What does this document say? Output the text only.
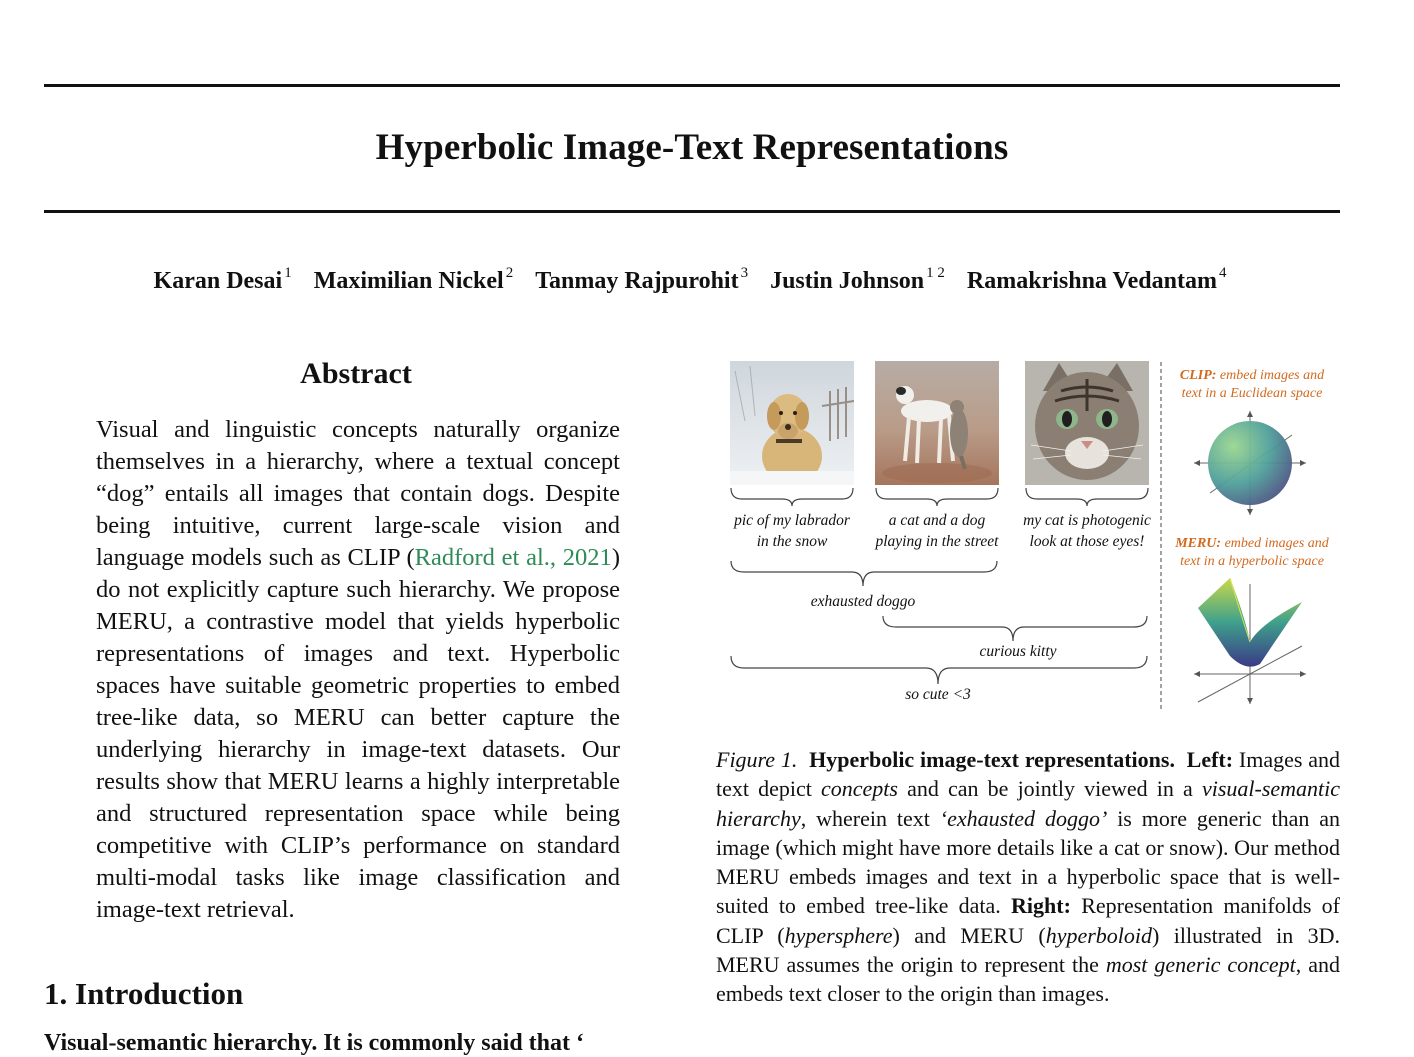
Hyperbolic Image-Text Representations
Karan Desai $^1$ Maximilian Nickel $^2$ Tanmay Rajpurohit $^3$ Justin Johnson $^{1 2}$ Ramakrishna Vedantam $^4$
Abstract
Visual and linguistic concepts naturally organize themselves in a hierarchy, where a textual concept “dog” entails all images that contain dogs. Despite being intuitive, current large-scale vision and language models such as CLIP (Radford et al., 2021) do not explicitly capture such hierarchy. We propose MERU, a contrastive model that yields hyperbolic representations of images and text. Hyperbolic spaces have suitable geometric properties to embed tree-like data, so MERU can better capture the underlying hierarchy in image-text datasets. Our results show that MERU learns a highly interpretable and structured representation space while being competitive with CLIP’s performance on standard multi-modal tasks like image classification and image-text retrieval.
1. Introduction
Visual-semantic hierarchy. It is commonly said that ‘
pic of my labrador
in the snow
a cat and a dog
playing in the street
my cat is photogenic
look at those eyes!
exhausted doggo
curious kitty
so cute <3
CLIP: embed images and
text in a Euclidean space
MERU: embed images and
text in a hyperbolic space
Figure 1. Hyperbolic image-text representations. Left: Images and text depict concepts and can be jointly viewed in a visual-semantic hierarchy, wherein text ‘exhausted doggo’ is more generic than an image (which might have more details like a cat or snow). Our method MERU embeds images and text in a hyperbolic space that is well-suited to embed tree-like data. Right: Representation manifolds of CLIP (hypersphere) and MERU (hyperboloid) illustrated in 3D. MERU assumes the origin to represent the most generic concept, and embeds text closer to the origin than images.
